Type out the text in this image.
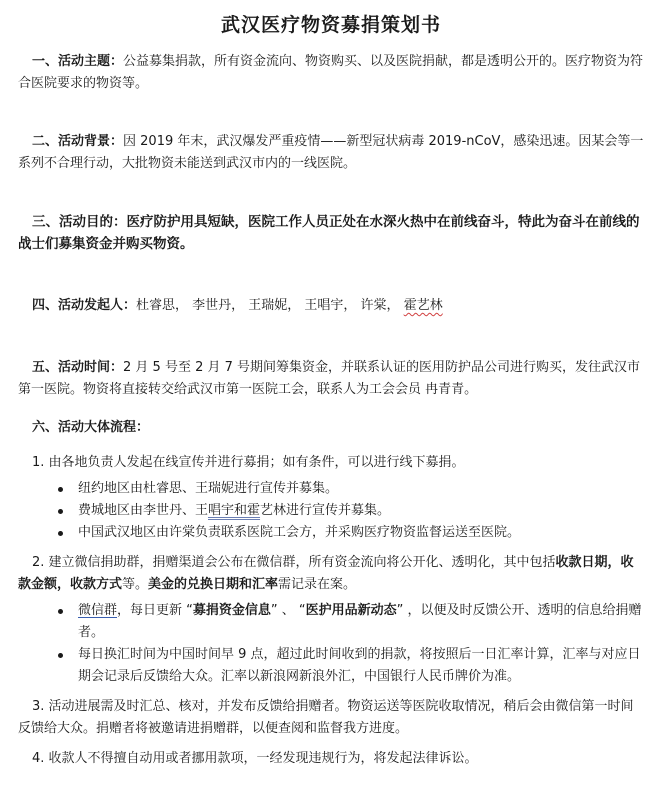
武汉医疗物资募捐策划书

一、活动主题：公益募集捐款，所有资金流向、物资购买、以及医院捐献，都是透明公开的。医疗物资为符合医院要求的物资等。

二、活动背景：因 2019 年末，武汉爆发严重疫情——新型冠状病毒 2019-nCoV，感染迅速。因某会等一系列不合理行动，大批物资未能送到武汉市内的一线医院。

三、活动目的：医疗防护用具短缺，医院工作人员正处在水深火热中在前线奋斗，特此为奋斗在前线的战士们募集资金并购买物资。

四、活动发起人：杜睿思， 李世丹， 王瑞妮， 王唱宇， 许棠， 霍艺林

五、活动时间：2 月 5 号至 2 月 7 号期间筹集资金，并联系认证的医用防护品公司进行购买，发往武汉市第一医院。物资将直接转交给武汉市第一医院工会，联系人为工会会员 冉青青。

六、活动大体流程：

1. 由各地负责人发起在线宣传并进行募捐；如有条件，可以进行线下募捐。

纽约地区由杜睿思、王瑞妮进行宣传并募集。
费城地区由李世丹、王唱宇和霍艺林进行宣传并募集。
中国武汉地区由许棠负责联系医院工会方，并采购医疗物资监督运送至医院。

2. 建立微信捐助群，捐赠渠道会公布在微信群，所有资金流向将公开化、透明化，其中包括收款日期，收款金额，收款方式等。美金的兑换日期和汇率需记录在案。

微信群，每日更新 “募捐资金信息” 、 “医护用品新动态” ，以便及时反馈公开、透明的信息给捐赠者。
每日换汇时间为中国时间早 9 点，超过此时间收到的捐款，将按照后一日汇率计算，汇率与对应日期会记录后反馈给大众。汇率以新浪网新浪外汇，中国银行人民币牌价为准。

3. 活动进展需及时汇总、核对，并发布反馈给捐赠者。物资运送等医院收取情况，稍后会由微信第一时间反馈给大众。捐赠者将被邀请进捐赠群，以便查阅和监督我方进度。

4. 收款人不得擅自动用或者挪用款项，一经发现违规行为，将发起法律诉讼。
